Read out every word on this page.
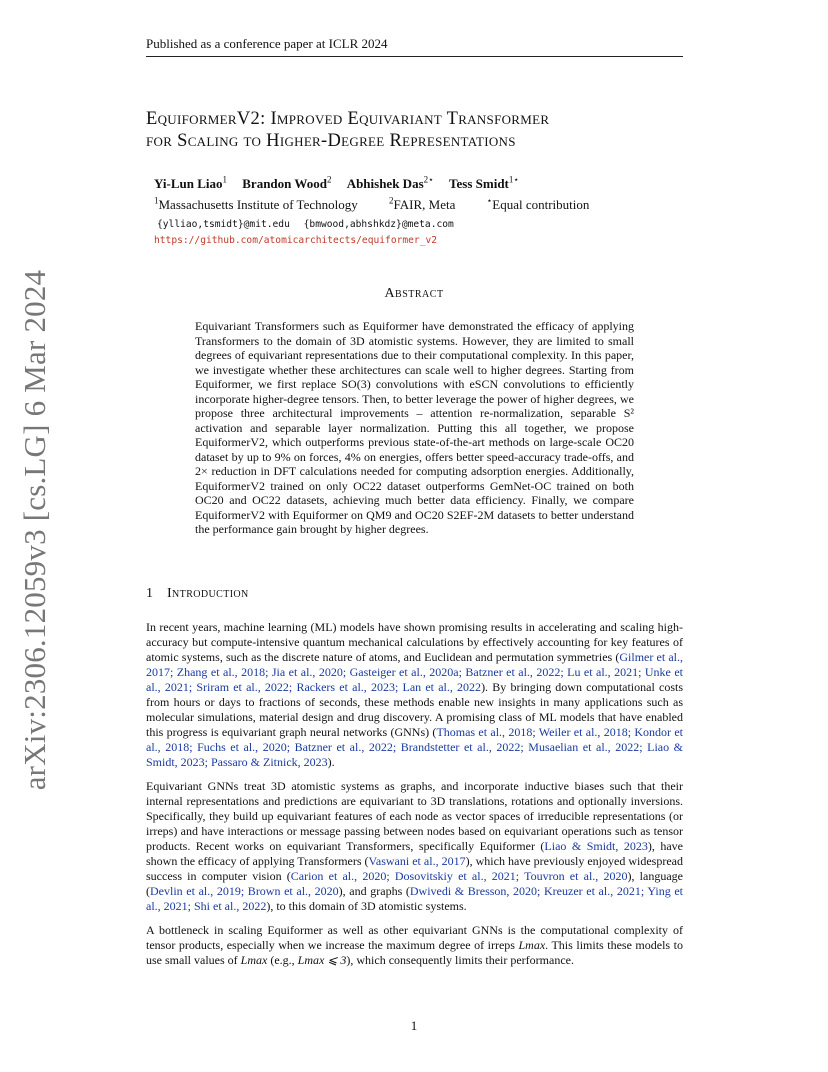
Published as a conference paper at ICLR 2024
arXiv:2306.12059v3 [cs.LG] 6 Mar 2024
EquiformerV2: Improved Equivariant Transformer
for Scaling to Higher-Degree Representations
Yi-Lun Liao$^1$ Brandon Wood$^2$ Abhishek Das$^{2⋆}$ Tess Smidt$^{1⋆}$
$^1$Massachusetts Institute of Technology	$^2$FAIR, Meta	⋆Equal contribution
{ylliao,tsmidt}@mit.edu {bmwood,abhshkdz}@meta.com
https://github.com/atomicarchitects/equiformer_v2
Abstract
Equivariant Transformers such as Equiformer have demonstrated the efficacy of applying Transformers to the domain of 3D atomistic systems. However, they are limited to small degrees of equivariant representations due to their computational complexity. In this paper, we investigate whether these architectures can scale well to higher degrees. Starting from Equiformer, we first replace SO(3) convolutions with eSCN convolutions to efficiently incorporate higher-degree tensors. Then, to better leverage the power of higher degrees, we propose three architectural improvements – attention re-normalization, separable S² activation and separable layer normalization. Putting this all together, we propose EquiformerV2, which outperforms previous state-of-the-art methods on large-scale OC20 dataset by up to 9% on forces, 4% on energies, offers better speed-accuracy trade-offs, and 2× reduction in DFT calculations needed for computing adsorption energies. Additionally, EquiformerV2 trained on only OC22 dataset outperforms GemNet-OC trained on both OC20 and OC22 datasets, achieving much better data efficiency. Finally, we compare EquiformerV2 with Equiformer on QM9 and OC20 S2EF-2M datasets to better understand the performance gain brought by higher degrees.
1 Introduction

In recent years, machine learning (ML) models have shown promising results in accelerating and scaling high-accuracy but compute-intensive quantum mechanical calculations by effectively accounting for key features of atomic systems, such as the discrete nature of atoms, and Euclidean and permutation symmetries (Gilmer et al., 2017; Zhang et al., 2018; Jia et al., 2020; Gasteiger et al., 2020a; Batzner et al., 2022; Lu et al., 2021; Unke et al., 2021; Sriram et al., 2022; Rackers et al., 2023; Lan et al., 2022). By bringing down computational costs from hours or days to fractions of seconds, these methods enable new insights in many applications such as molecular simulations, material design and drug discovery. A promising class of ML models that have enabled this progress is equivariant graph neural networks (GNNs) (Thomas et al., 2018; Weiler et al., 2018; Kondor et al., 2018; Fuchs et al., 2020; Batzner et al., 2022; Brandstetter et al., 2022; Musaelian et al., 2022; Liao & Smidt, 2023; Passaro & Zitnick, 2023).

Equivariant GNNs treat 3D atomistic systems as graphs, and incorporate inductive biases such that their internal representations and predictions are equivariant to 3D translations, rotations and optionally inversions. Specifically, they build up equivariant features of each node as vector spaces of irreducible representations (or irreps) and have interactions or message passing between nodes based on equivariant operations such as tensor products. Recent works on equivariant Transformers, specifically Equiformer (Liao & Smidt, 2023), have shown the efficacy of applying Transformers (Vaswani et al., 2017), which have previously enjoyed widespread success in computer vision (Carion et al., 2020; Dosovitskiy et al., 2021; Touvron et al., 2020), language (Devlin et al., 2019; Brown et al., 2020), and graphs (Dwivedi & Bresson, 2020; Kreuzer et al., 2021; Ying et al., 2021; Shi et al., 2022), to this domain of 3D atomistic systems.

A bottleneck in scaling Equiformer as well as other equivariant GNNs is the computational complexity of tensor products, especially when we increase the maximum degree of irreps Lmax. This limits these models to use small values of Lmax (e.g., Lmax ⩽ 3), which consequently limits their performance.

1
